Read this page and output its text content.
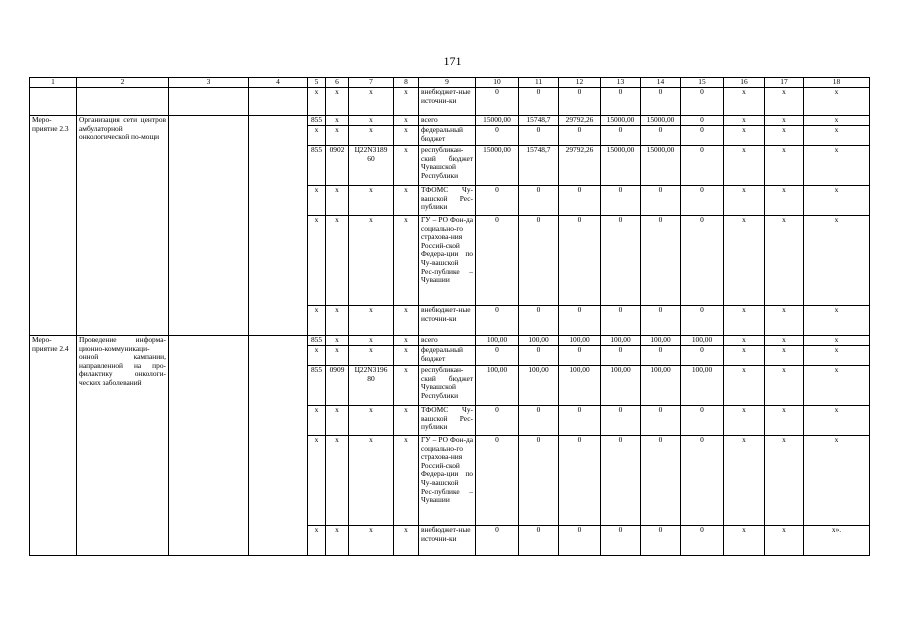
171
1	2	3	4	5	6	7	8	9	10	11	12	13	14	15	16	17	18
				x	x	x	x	внебюджет-ные источни-ки	0	0	0	0	0	0	x	x	x
Меро-приятие 2.3	Организация сети центров амбулаторной онкологической по-мощи			855	x	x	x	всего	15000,00	15748,7	29792,26	15000,00	15000,00	0	x	x	x
				x	x	x	x	федеральный бюджет	0	0	0	0	0	0	x	x	x
				855	0902	Ц22N3189 60	x	республикан-ский бюджет Чувашской Республики	15000,00	15748,7	29792,26	15000,00	15000,00	0	x	x	x
				x	x	x	x	ТФОМС Чу-вашской Рес-публики	0	0	0	0	0	0	x	x	x
				x	x	x	x	ГУ – РО Фон-да социально-го страхова-ния Россий-ской Федера-ции по Чу-вашской Рес-публике – Чувашии	0	0	0	0	0	0	x	x	x
				x	x	x	x	внебюджет-ные источни-ки	0	0	0	0	0	0	x	x	x
Меро-приятие 2.4	Проведение информа-ционно-коммуникаци-онной кампании, направленной на про-филактику онкологи-ческих заболеваний			855	x	x	x	всего	100,00	100,00	100,00	100,00	100,00	100,00	x	x	x
				x	x	x	x	федеральный бюджет	0	0	0	0	0	0	x	x	x
				855	0909	Ц22N3196 80	x	республикан-ский бюджет Чувашской Республики	100,00	100,00	100,00	100,00	100,00	100,00	x	x	x
				x	x	x	x	ТФОМС Чу-вашской Рес-публики	0	0	0	0	0	0	x	x	x
				x	x	x	x	ГУ – РО Фон-да социально-го страхова-ния Россий-ской Федера-ции по Чу-вашской Рес-публике – Чувашии	0	0	0	0	0	0	x	x	x
				x	x	x	x	внебюджет-ные источни-ки	0	0	0	0	0	0	x	x	x».
